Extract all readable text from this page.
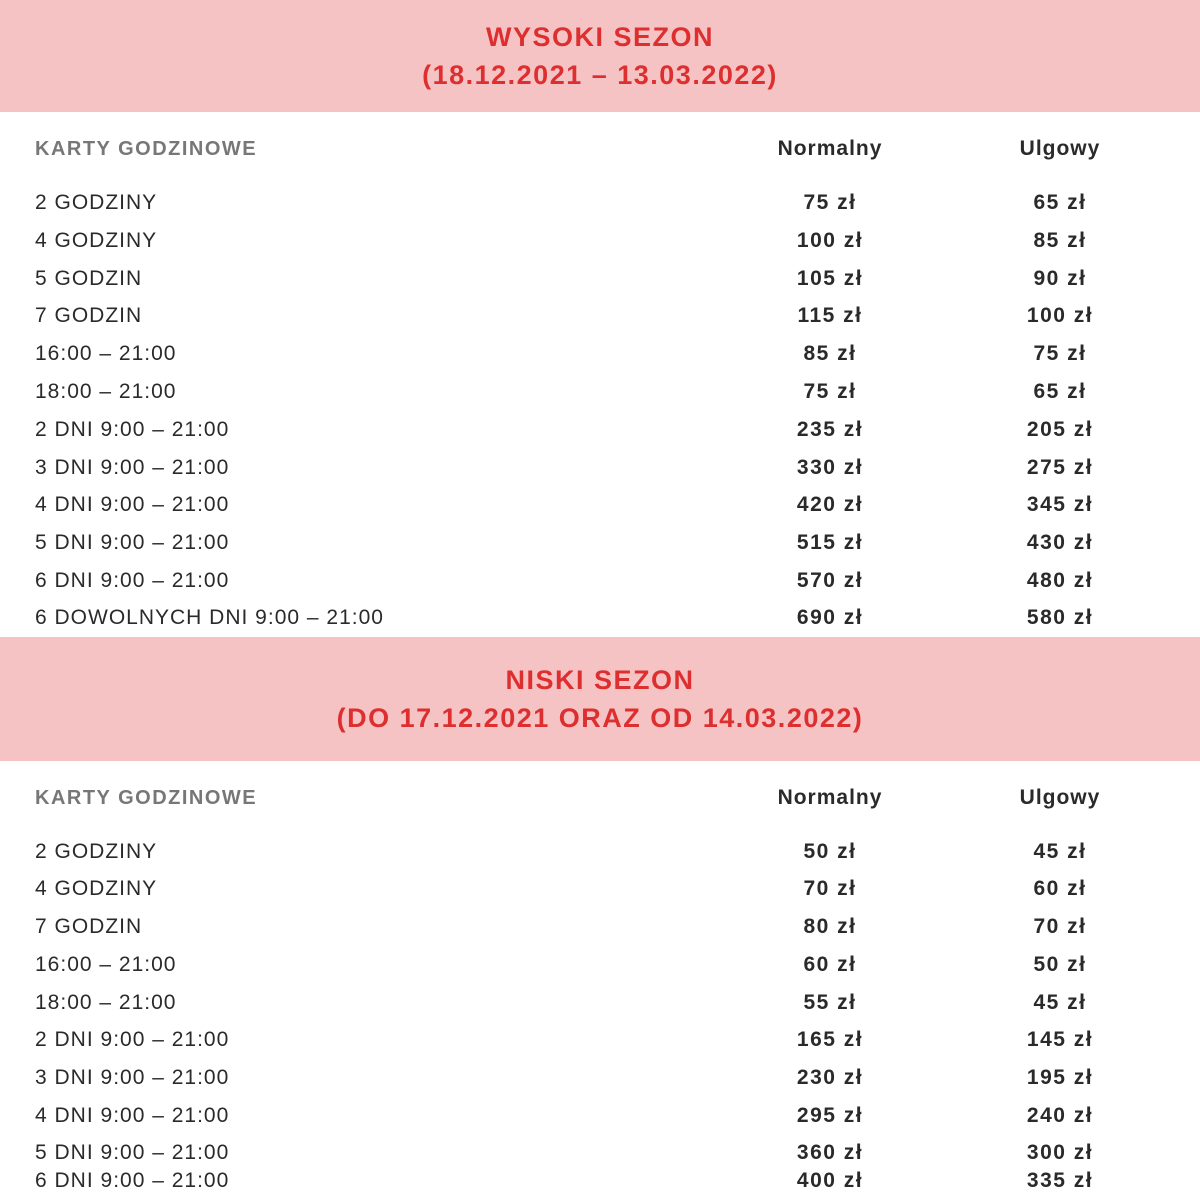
WYSOKI SEZON
(18.12.2021 – 13.03.2022)
KARTY GODZINOWE	Normalny	Ulgowy
2 GODZINY	75 zł	65 zł
4 GODZINY	100 zł	85 zł
5 GODZIN	105 zł	90 zł
7 GODZIN	115 zł	100 zł
16:00 – 21:00	85 zł	75 zł
18:00 – 21:00	75 zł	65 zł
2 DNI 9:00 – 21:00	235 zł	205 zł
3 DNI 9:00 – 21:00	330 zł	275 zł
4 DNI 9:00 – 21:00	420 zł	345 zł
5 DNI 9:00 – 21:00	515 zł	430 zł
6 DNI 9:00 – 21:00	570 zł	480 zł
6 DOWOLNYCH DNI 9:00 – 21:00	690 zł	580 zł
NISKI SEZON
(DO 17.12.2021 ORAZ OD 14.03.2022)
KARTY GODZINOWE	Normalny	Ulgowy
2 GODZINY	50 zł	45 zł
4 GODZINY	70 zł	60 zł
7 GODZIN	80 zł	70 zł
16:00 – 21:00	60 zł	50 zł
18:00 – 21:00	55 zł	45 zł
2 DNI 9:00 – 21:00	165 zł	145 zł
3 DNI 9:00 – 21:00	230 zł	195 zł
4 DNI 9:00 – 21:00	295 zł	240 zł
5 DNI 9:00 – 21:00	360 zł	300 zł
6 DNI 9:00 – 21:00	400 zł	335 zł
